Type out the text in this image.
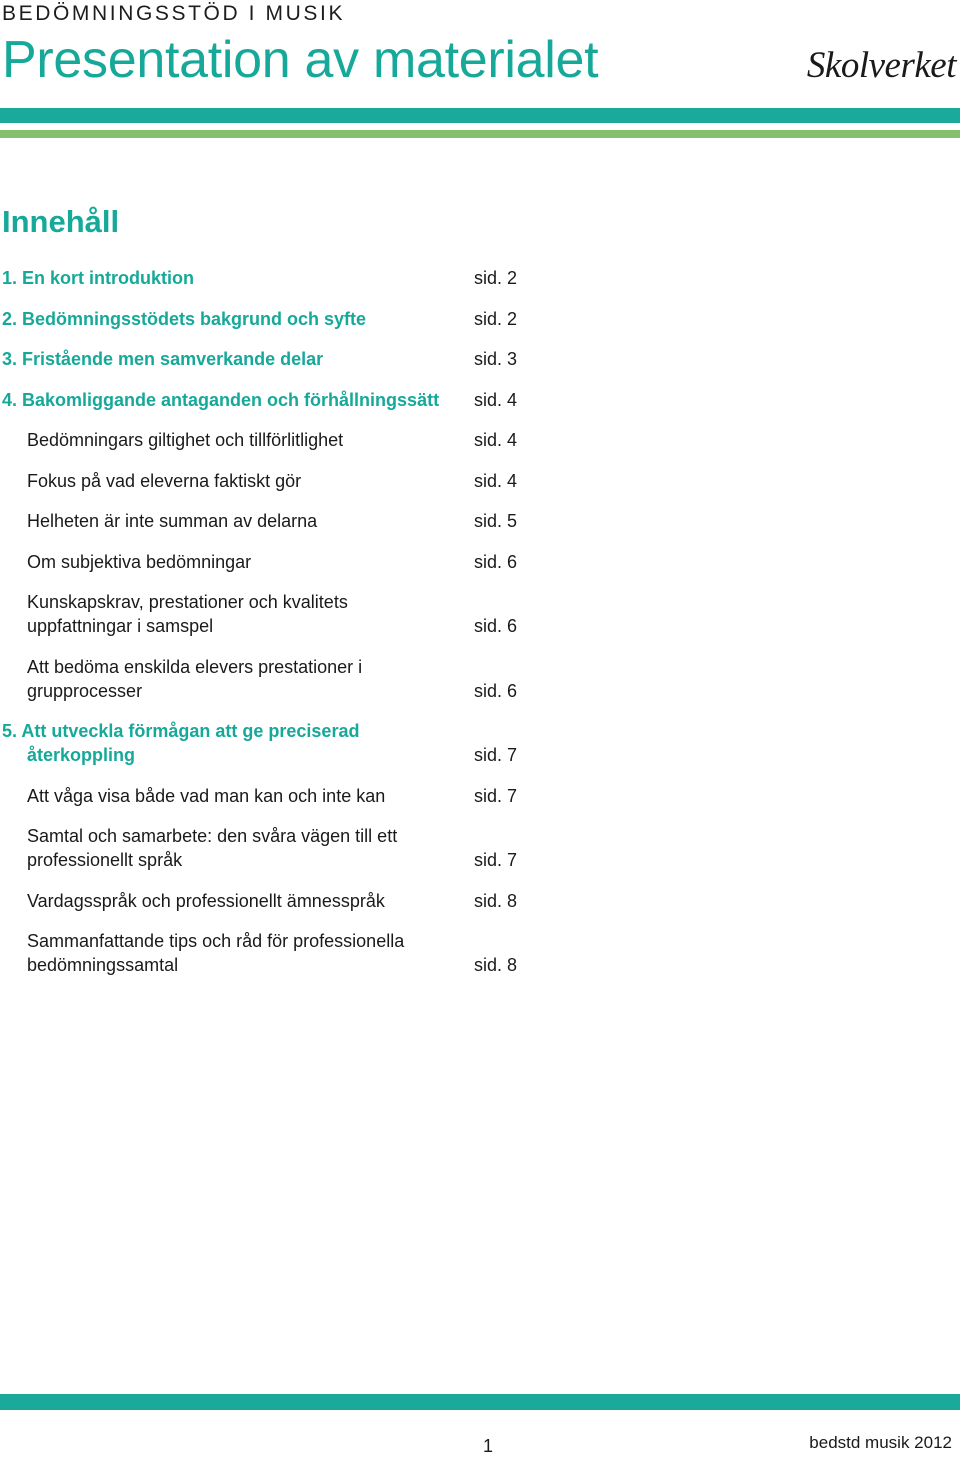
BEDÖMNINGSSTÖD I MUSIK
Presentation av materialet	Skolverket
Innehåll
1. En kort introduktion	sid. 2
2. Bedömningsstödets bakgrund och syfte	sid. 2
3. Fristående men samverkande delar	sid. 3
4. Bakomliggande antaganden och förhållningssätt	sid. 4
Bedömningars giltighet och tillförlitlighet	sid. 4
Fokus på vad eleverna faktiskt gör	sid. 4
Helheten är inte summan av delarna	sid. 5
Om subjektiva bedömningar	sid. 6
Kunskapskrav, prestationer och kvalitets uppfattningar i samspel	sid. 6
Att bedöma enskilda elevers prestationer i grupprocesser	sid. 6
5. Att utveckla förmågan att ge preciserad återkoppling	sid. 7
Att våga visa både vad man kan och inte kan	sid. 7
Samtal och samarbete: den svåra vägen till ett professionellt språk	sid. 7
Vardagsspråk och professionellt ämnesspråk	sid. 8
Sammanfattande tips och råd för professionella bedömningssamtal	sid. 8
1	bedstd musik 2012
